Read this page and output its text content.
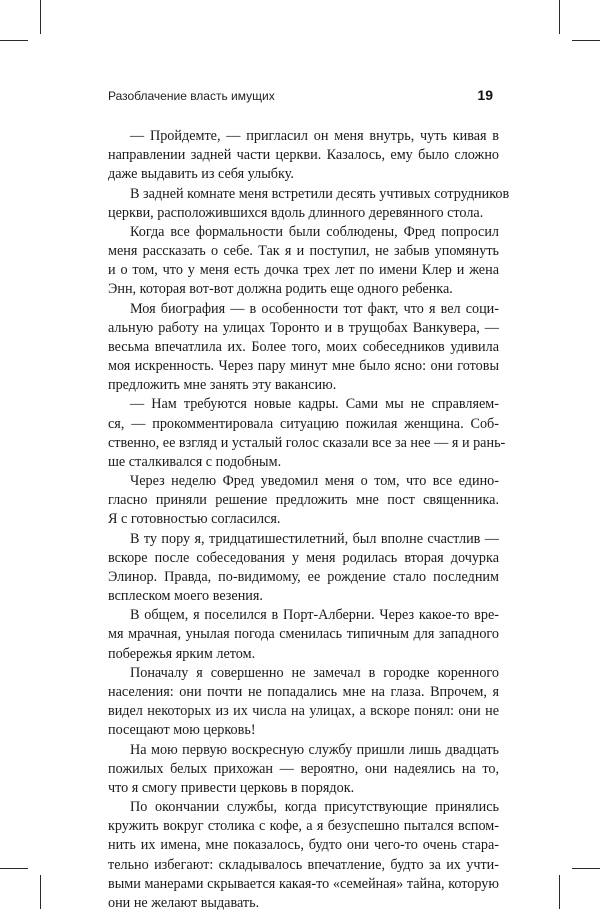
Разоблачение власть имущих	19
— Пройдемте, — пригласил он меня внутрь, чуть кивая в
направлении задней части церкви. Казалось, ему было сложно
даже выдавить из себя улыбку.
В задней комнате меня встретили десять учтивых сотрудников
церкви, расположившихся вдоль длинного деревянного стола.
Когда все формальности были соблюдены, Фред попросил
меня рассказать о себе. Так я и поступил, не забыв упомянуть
и о том, что у меня есть дочка трех лет по имени Клер и жена
Энн, которая вот-вот должна родить еще одного ребенка.
Моя биография — в особенности тот факт, что я вел соци-
альную работу на улицах Торонто и в трущобах Ванкувера, —
весьма впечатлила их. Более того, моих собеседников удивила
моя искренность. Через пару минут мне было ясно: они готовы
предложить мне занять эту вакансию.
— Нам требуются новые кадры. Сами мы не справляем-
ся, — прокомментировала ситуацию пожилая женщина. Соб-
ственно, ее взгляд и усталый голос сказали все за нее — я и рань-
ше сталкивался с подобным.
Через неделю Фред уведомил меня о том, что все едино-
гласно приняли решение предложить мне пост священника.
Я с готовностью согласился.
В ту пору я, тридцатишестилетний, был вполне счастлив —
вскоре после собеседования у меня родилась вторая дочурка
Элинор. Правда, по-видимому, ее рождение стало последним
всплеском моего везения.
В общем, я поселился в Порт-Алберни. Через какое-то вре-
мя мрачная, унылая погода сменилась типичным для западного
побережья ярким летом.
Поначалу я совершенно не замечал в городке коренного
населения: они почти не попадались мне на глаза. Впрочем, я
видел некоторых из их числа на улицах, а вскоре понял: они не
посещают мою церковь!
На мою первую воскресную службу пришли лишь двадцать
пожилых белых прихожан — вероятно, они надеялись на то,
что я смогу привести церковь в порядок.
По окончании службы, когда присутствующие принялись
кружить вокруг столика с кофе, а я безуспешно пытался вспом-
нить их имена, мне показалось, будто они чего-то очень стара-
тельно избегают: складывалось впечатление, будто за их учти-
выми манерами скрывается какая-то «семейная» тайна, которую
они не желают выдавать.
